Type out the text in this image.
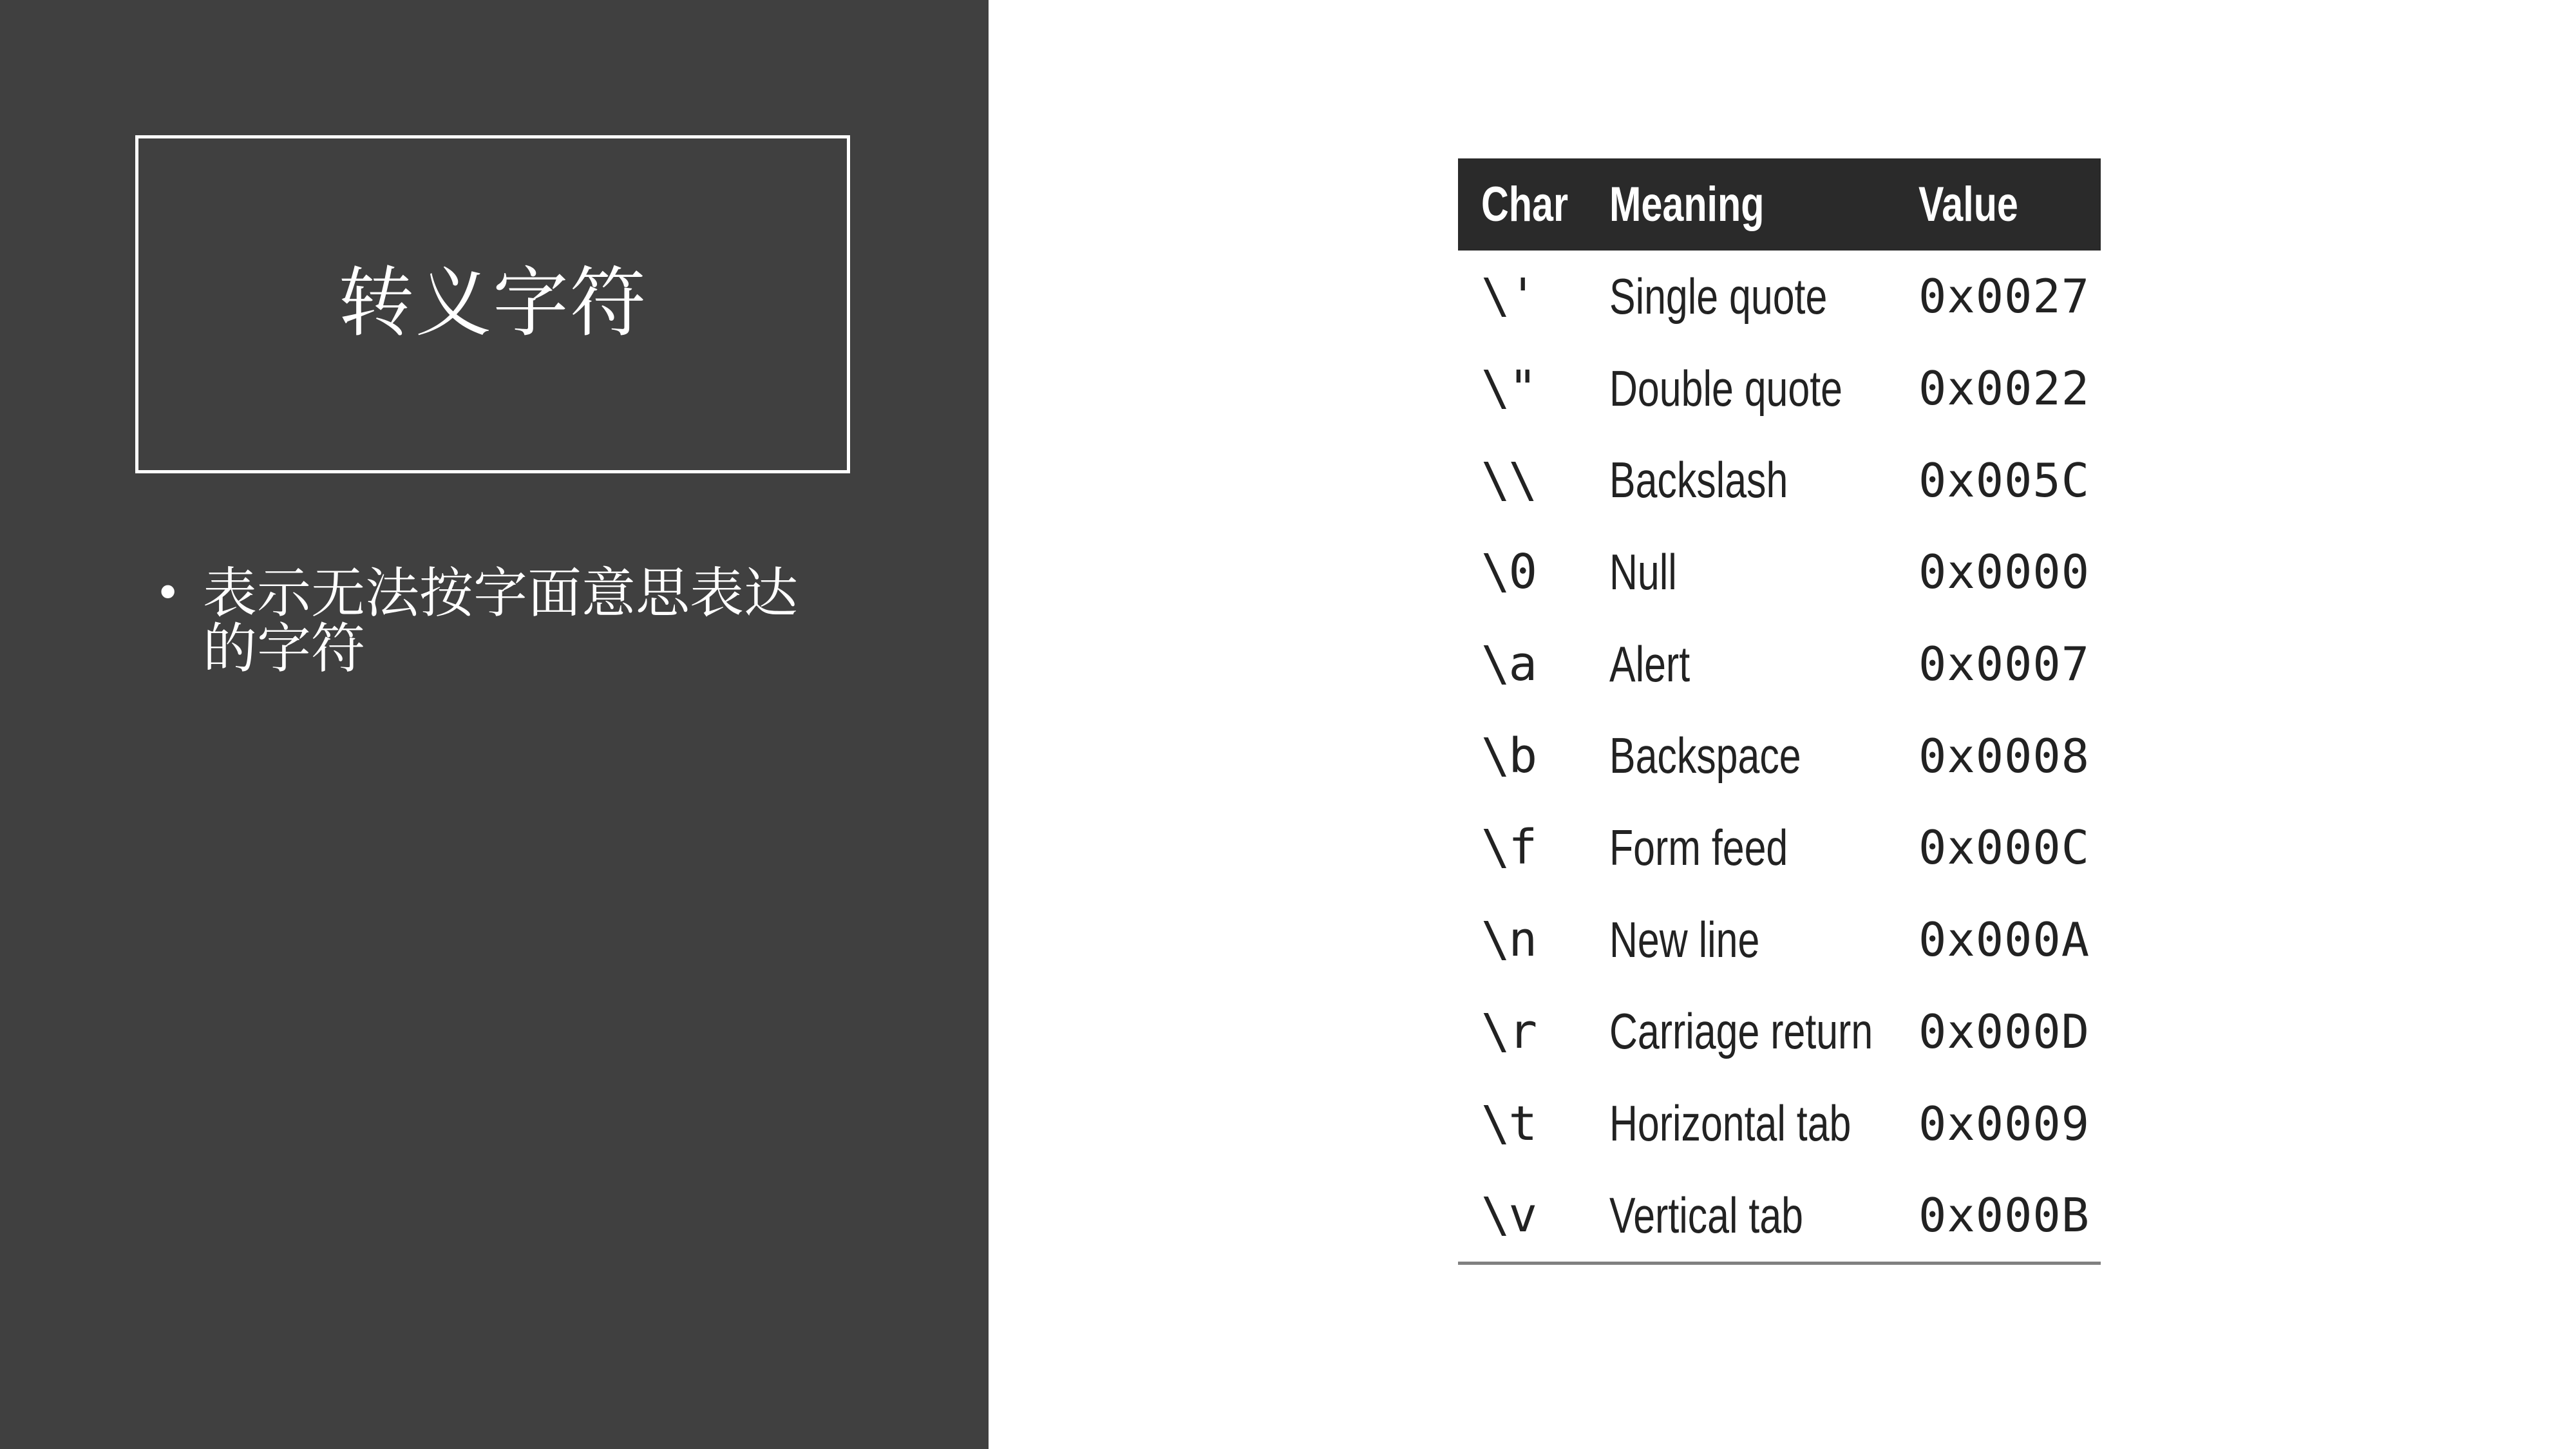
转义字符
• 表示无法按字面意思表达的字符
Char	Meaning	Value
\'	Single quote	0x0027
\"	Double quote	0x0022
\\	Backslash	0x005C
\0	Null	0x0000
\a	Alert	0x0007
\b	Backspace	0x0008
\f	Form feed	0x000C
\n	New line	0x000A
\r	Carriage return	0x000D
\t	Horizontal tab	0x0009
\v	Vertical tab	0x000B
